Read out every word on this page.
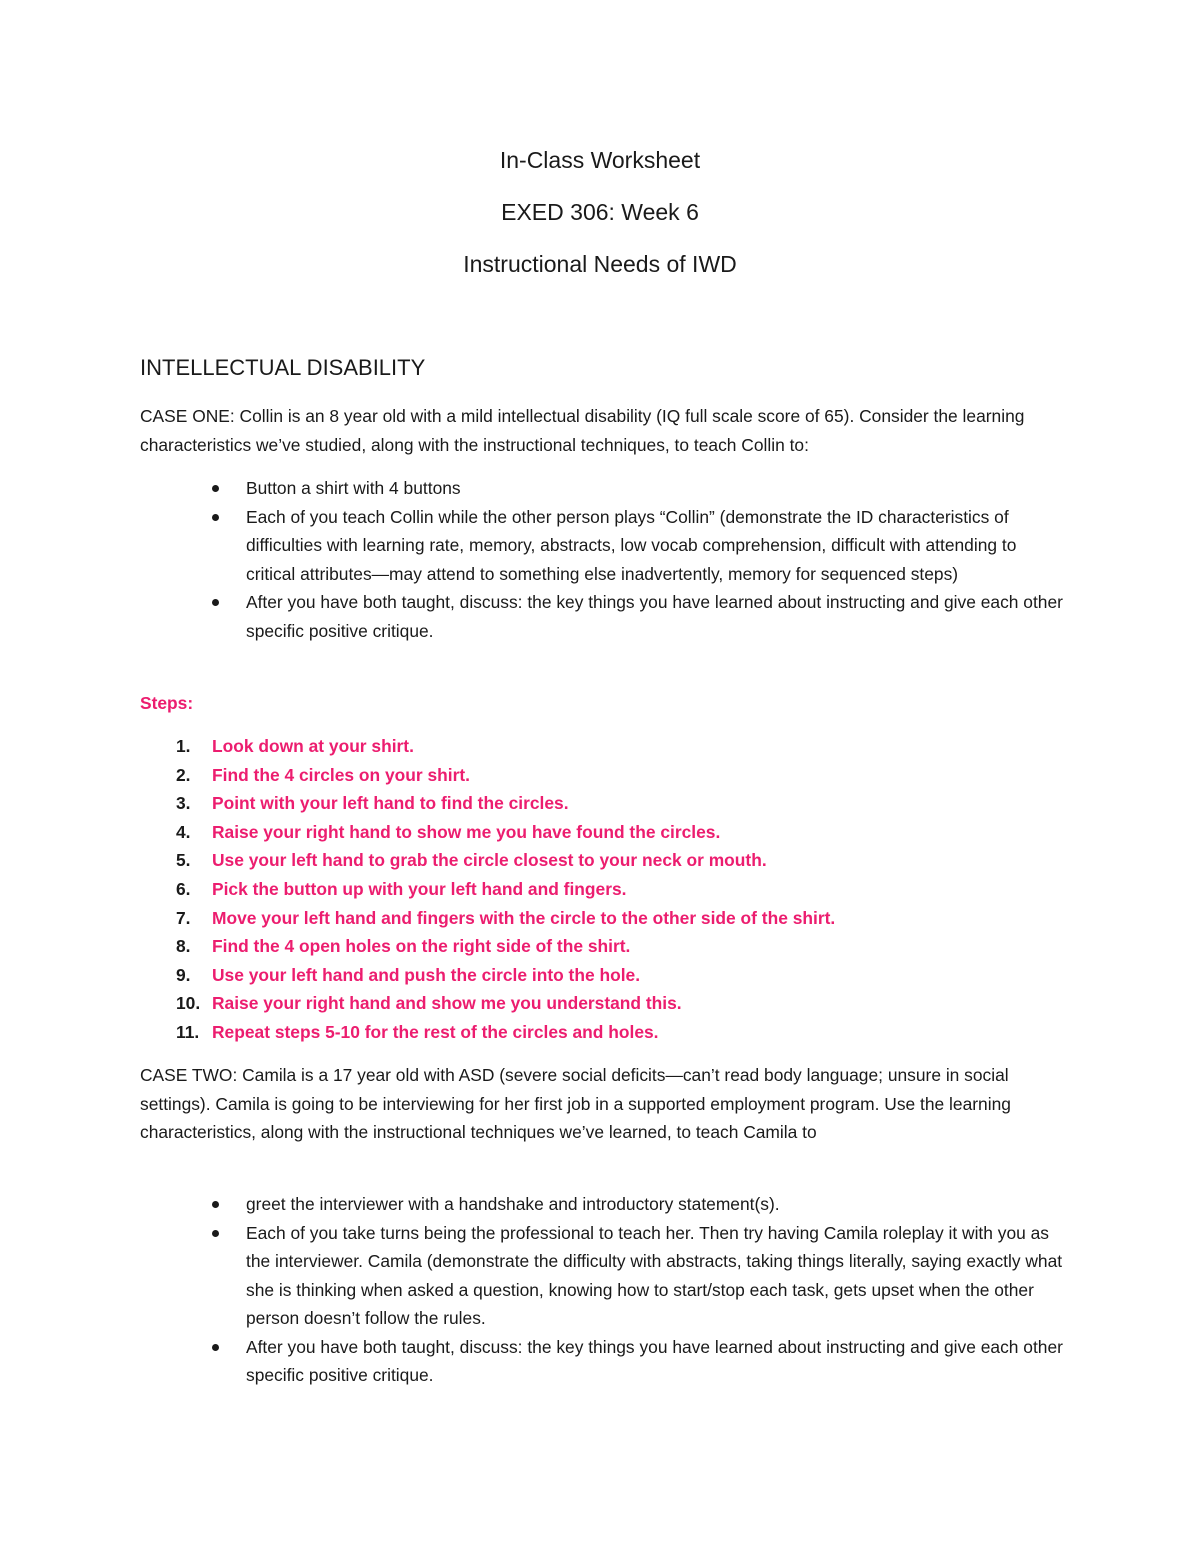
In-Class Worksheet
EXED 306: Week 6
Instructional Needs of IWD
INTELLECTUAL DISABILITY

CASE ONE: Collin is an 8 year old with a mild intellectual disability (IQ full scale score of 65). Consider the learning characteristics we’ve studied, along with the instructional techniques, to teach Collin to:

Button a shirt with 4 buttons
Each of you teach Collin while the other person plays “Collin” (demonstrate the ID characteristics of difficulties with learning rate, memory, abstracts, low vocab comprehension, difficult with attending to critical attributes—may attend to something else inadvertently, memory for sequenced steps)
After you have both taught, discuss: the key things you have learned about instructing and give each other specific positive critique.
Steps:
1. Look down at your shirt.
2. Find the 4 circles on your shirt.
3. Point with your left hand to find the circles.
4. Raise your right hand to show me you have found the circles.
5. Use your left hand to grab the circle closest to your neck or mouth.
6. Pick the button up with your left hand and fingers.
7. Move your left hand and fingers with the circle to the other side of the shirt.
8. Find the 4 open holes on the right side of the shirt.
9. Use your left hand and push the circle into the hole.
10. Raise your right hand and show me you understand this.
11. Repeat steps 5-10 for the rest of the circles and holes.

CASE TWO: Camila is a 17 year old with ASD (severe social deficits—can’t read body language; unsure in social settings). Camila is going to be interviewing for her first job in a supported employment program. Use the learning characteristics, along with the instructional techniques we’ve learned, to teach Camila to

greet the interviewer with a handshake and introductory statement(s).
Each of you take turns being the professional to teach her. Then try having Camila roleplay it with you as the interviewer. Camila (demonstrate the difficulty with abstracts, taking things literally, saying exactly what she is thinking when asked a question, knowing how to start/stop each task, gets upset when the other person doesn’t follow the rules.
After you have both taught, discuss: the key things you have learned about instructing and give each other specific positive critique.
